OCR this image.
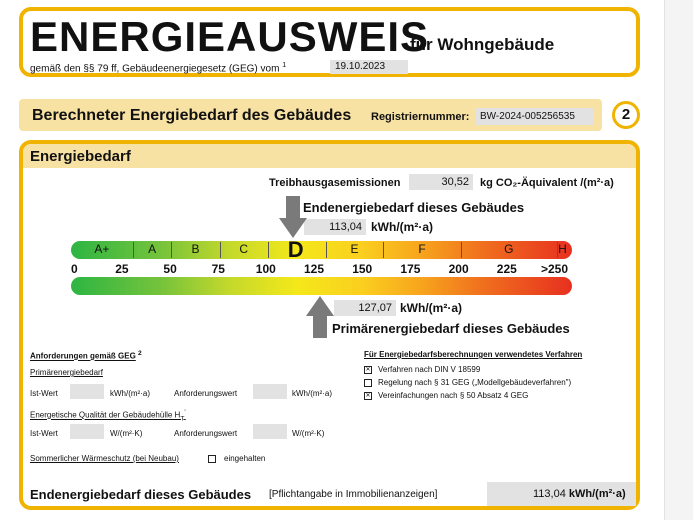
ENERGIEAUSWEIS
für Wohngebäude
gemäß den §§ 79 ff, Gebäudeenergiegesetz (GEG) vom $^1$	19.10.2023
Berechneter Energiebedarf des Gebäudes Registriernummer:	BW-2024-005256535	2
Energiebedarf
Treibhausgasemissionen	30,52	kg CO₂-Äquivalent /(m²·a)
Endenergiebedarf dieses Gebäudes
113,04 kWh/(m²·a)
A+	A	B	C	E	F	G	H
D
0	25	50	75	100 125 150 175 200 225 >250
127,07 kWh/(m²·a)
Primärenergiebedarf dieses Gebäudes
Anforderungen gemäß GEG $^2$
Primärenergiebedarf
Ist-Wert	kWh/(m²·a)	Anforderungswert	kWh/(m²·a)
Energetische Qualität der Gebäudehülle $H_T'$
Ist-Wert	W/(m²·K)	Anforderungswert	W/(m²·K)
Sommerlicher Wärmeschutz (bei Neubau)	eingehalten
Für Energiebedarfsberechnungen verwendetes Verfahren
✕ Verfahren nach DIN V 18599
Regelung nach § 31 GEG („Modellgebäudeverfahren")
✕ Vereinfachungen nach § 50 Absatz 4 GEG
Endenergiebedarf dieses Gebäudes [Pflichtangabe in Immobilienanzeigen]	113,04 kWh/(m²·a)
